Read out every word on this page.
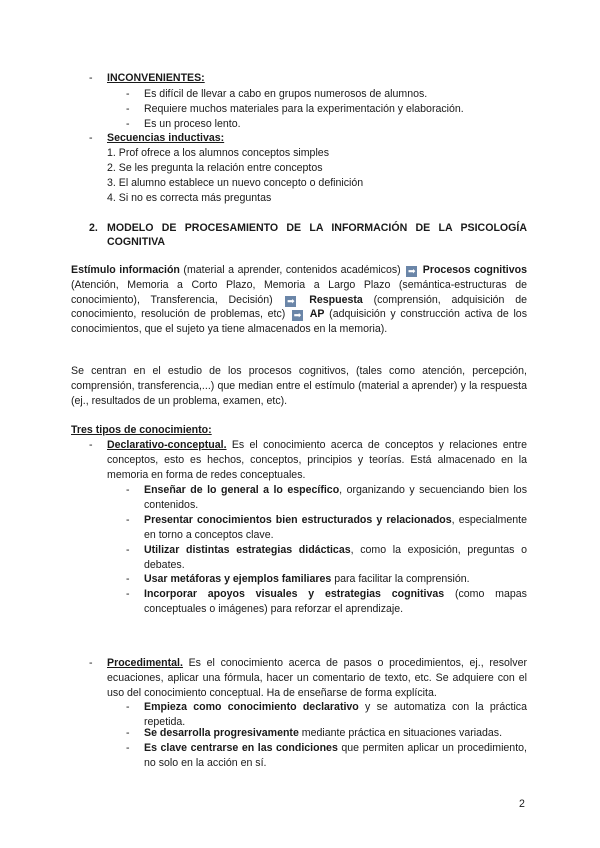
- INCONVENIENTES:
- Es difícil de llevar a cabo en grupos numerosos de alumnos.
- Requiere muchos materiales para la experimentación y elaboración.
- Es un proceso lento.
- Secuencias inductivas:
1. Prof ofrece a los alumnos conceptos simples
2. Se les pregunta la relación entre conceptos
3. El alumno establece un nuevo concepto o definición
4. Si no es correcta más preguntas
2. MODELO DE PROCESAMIENTO DE LA INFORMACIÓN DE LA PSICOLOGÍA
COGNITIVA
Estímulo información (material a aprender, contenidos académicos) ➡ Procesos cognitivos (Atención, Memoria a Corto Plazo, Memoria a Largo Plazo (semántica-estructuras de conocimiento), Transferencia, Decisión) ➡ Respuesta (comprensión, adquisición de conocimiento, resolución de problemas, etc) ➡ AP (adquisición y construcción activa de los conocimientos, que el sujeto ya tiene almacenados en la memoria).
Se centran en el estudio de los procesos cognitivos, (tales como atención, percepción, comprensión, transferencia,...) que median entre el estímulo (material a aprender) y la respuesta (ej., resultados de un problema, examen, etc).
Tres tipos de conocimiento:
- Declarativo-conceptual. Es el conocimiento acerca de conceptos y relaciones entre conceptos, esto es hechos, conceptos, principios y teorías. Está almacenado en la memoria en forma de redes conceptuales.
- Enseñar de lo general a lo específico, organizando y secuenciando bien los contenidos.
- Presentar conocimientos bien estructurados y relacionados, especialmente en torno a conceptos clave.
- Utilizar distintas estrategias didácticas, como la exposición, preguntas o debates.
- Usar metáforas y ejemplos familiares para facilitar la comprensión.
- Incorporar apoyos visuales y estrategias cognitivas (como mapas conceptuales o imágenes) para reforzar el aprendizaje.
- Procedimental. Es el conocimiento acerca de pasos o procedimientos, ej., resolver ecuaciones, aplicar una fórmula, hacer un comentario de texto, etc. Se adquiere con el uso del conocimiento conceptual. Ha de enseñarse de forma explícita.
- Empieza como conocimiento declarativo y se automatiza con la práctica repetida.
- Se desarrolla progresivamente mediante práctica en situaciones variadas.
- Es clave centrarse en las condiciones que permiten aplicar un procedimiento, no solo en la acción en sí.
2
